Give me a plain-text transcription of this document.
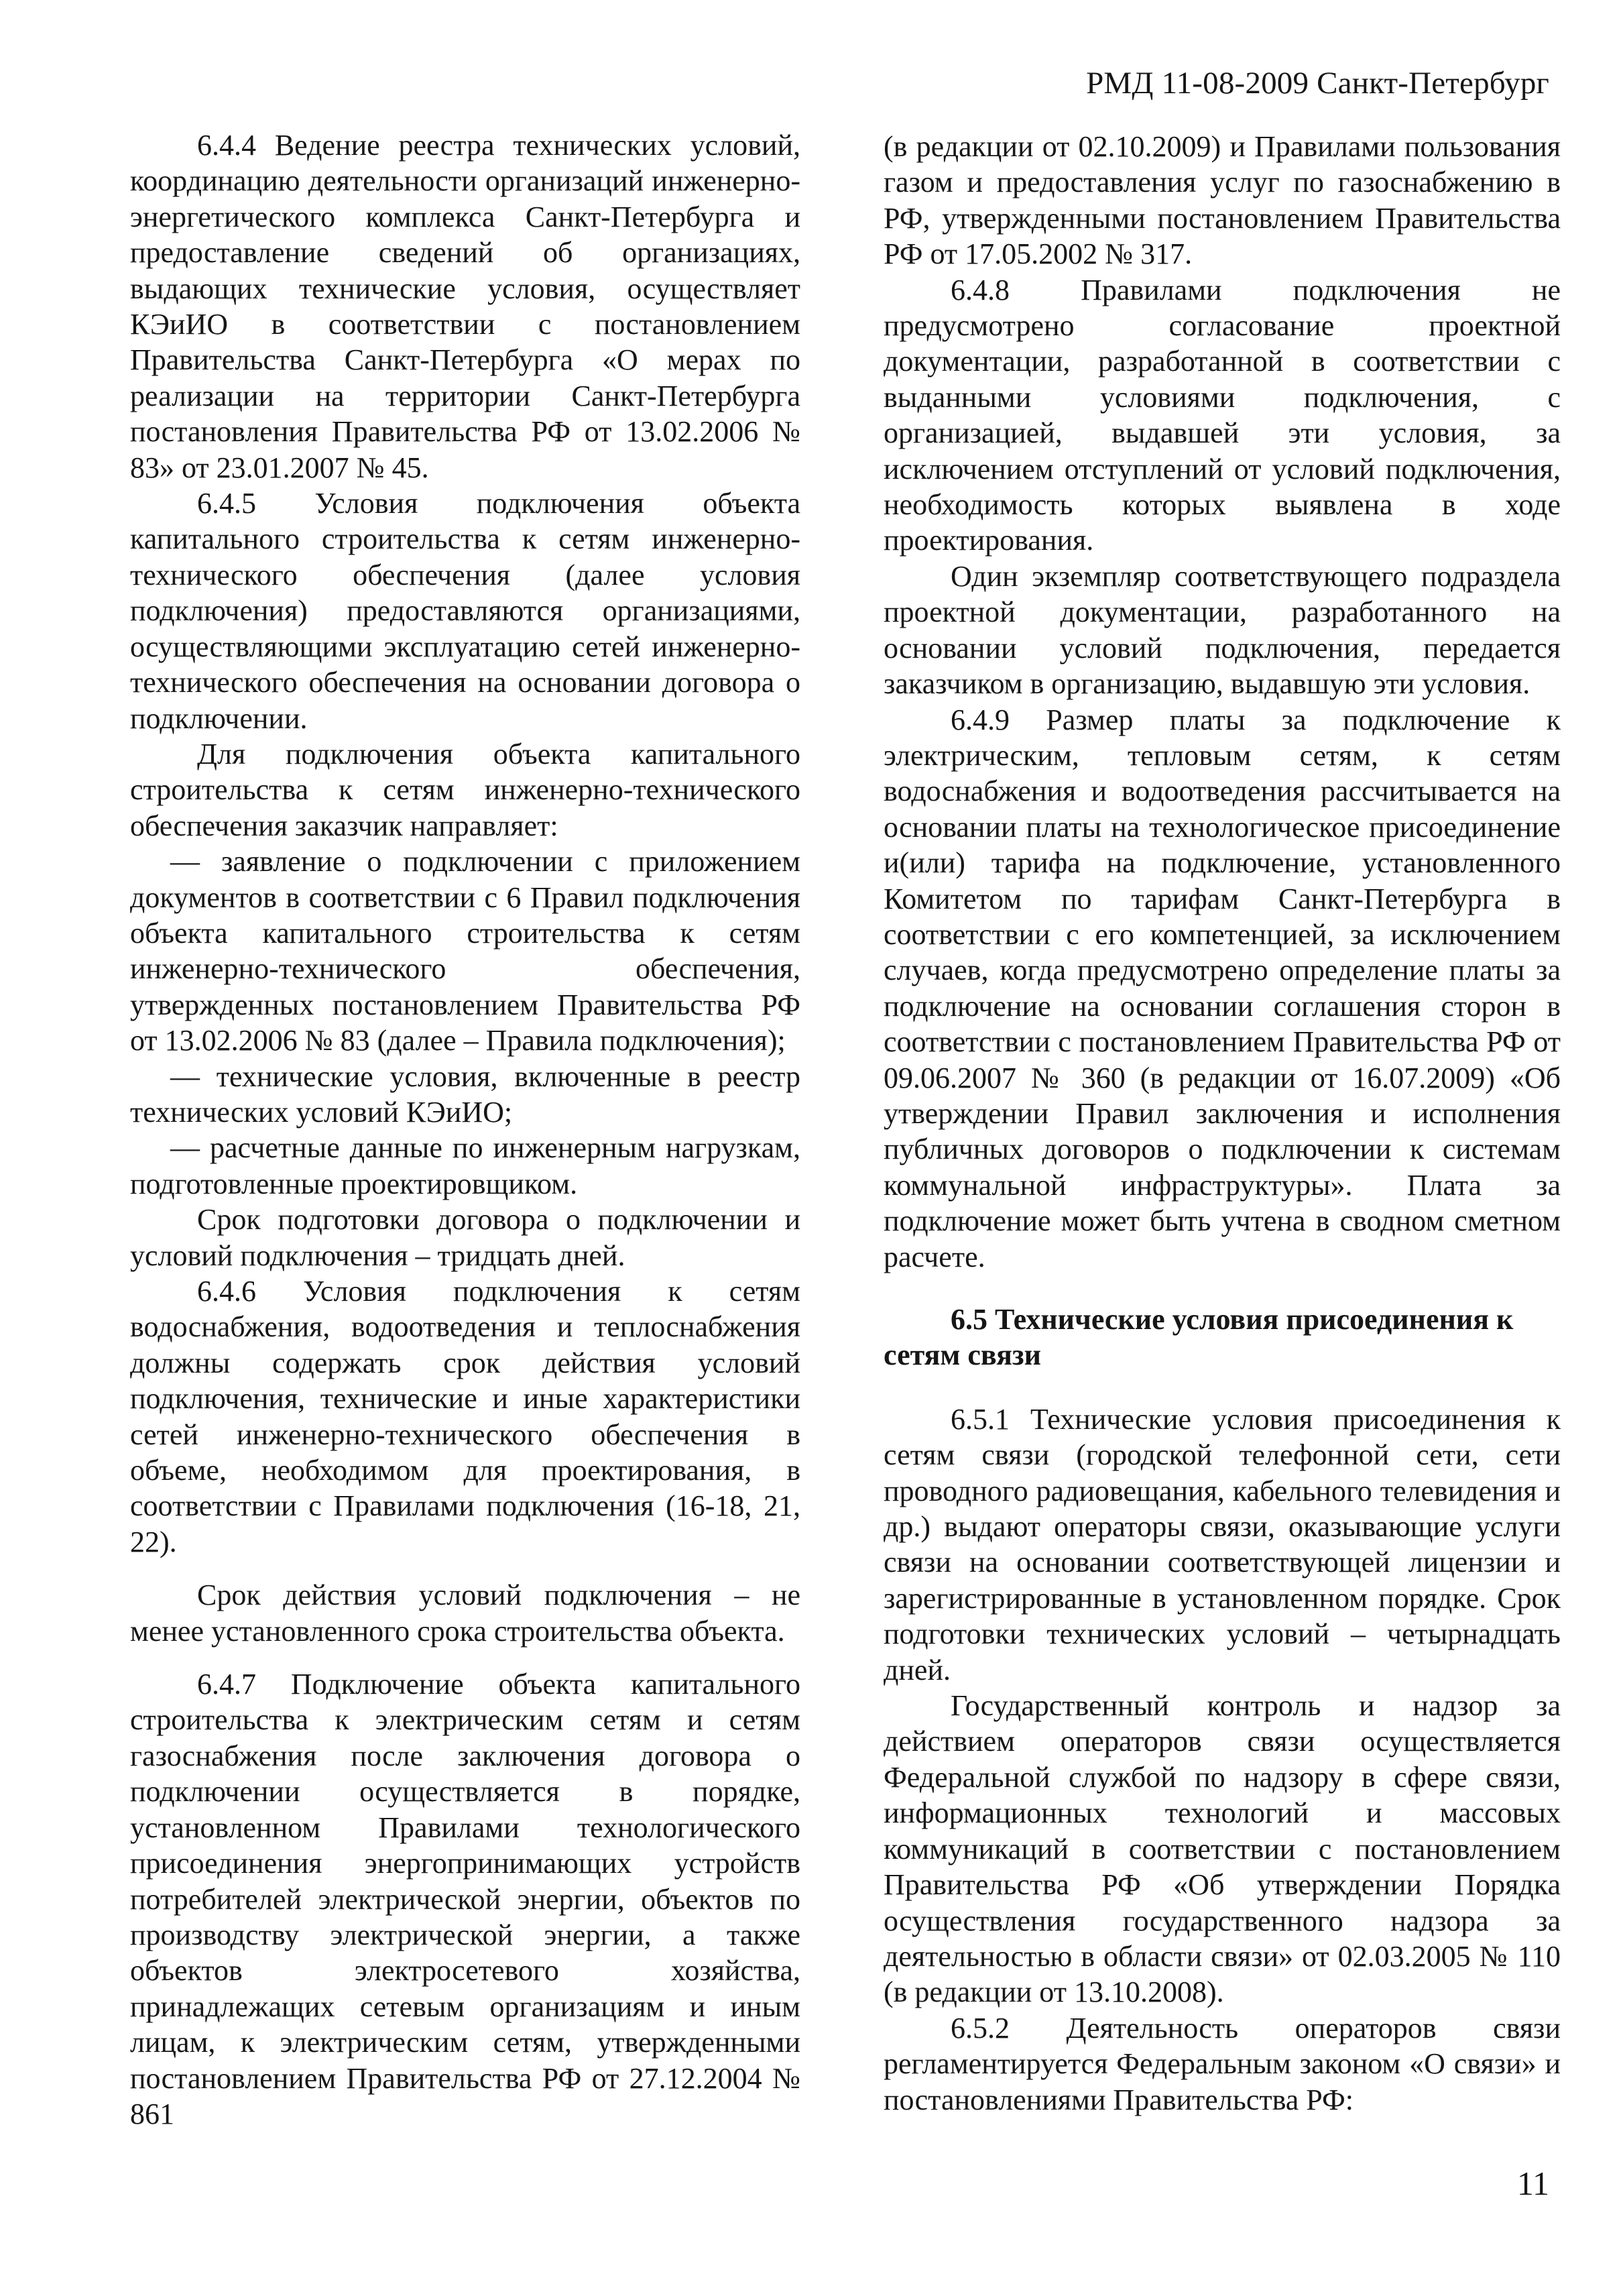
РМД 11-08-2009 Санкт-Петербург

6.4.4 Ведение реестра технических условий, координацию деятельности организаций инженерно-энергетического комплекса Санкт-Петербурга и предоставление сведений об организациях, выдающих технические условия, осуществляет КЭиИО в соответствии с постановлением Правительства Санкт-Петербурга «О мерах по реализации на территории Санкт-Петербурга постановления Правительства РФ от 13.02.2006 № 83» от 23.01.2007 № 45.

6.4.5 Условия подключения объекта капитального строительства к сетям инженерно-технического обеспечения (далее условия подключения) предоставляются организациями, осуществляющими эксплуатацию сетей инженерно-технического обеспечения на основании договора о подключении.

Для подключения объекта капитального строительства к сетям инженерно-технического обеспечения заказчик направляет:

— заявление о подключении с приложением документов в соответствии с 6 Правил подключения объекта капитального строительства к сетям инженерно-технического обеспечения, утвержденных постановлением Правительства РФ от 13.02.2006 № 83 (далее – Правила подключения);

— технические условия, включенные в реестр технических условий КЭиИО;

— расчетные данные по инженерным нагрузкам, подготовленные проектировщиком.

Срок подготовки договора о подключении и условий подключения – тридцать дней.

6.4.6 Условия подключения к сетям водоснабжения, водоотведения и теплоснабжения должны содержать срок действия условий подключения, технические и иные характеристики сетей инженерно-технического обеспечения в объеме, необходимом для проектирования, в соответствии с Правилами подключения (16-18, 21, 22).

Срок действия условий подключения – не менее установленного срока строительства объекта.

6.4.7 Подключение объекта капитального строительства к электрическим сетям и сетям газоснабжения после заключения договора о подключении осуществляется в порядке, установленном Правилами технологического присоединения энергопринимающих устройств потребителей электрической энергии, объектов по производству электрической энергии, а также объектов электросетевого хозяйства, принадлежащих сетевым организациям и иным лицам, к электрическим сетям, утвержденными постановлением Правительства РФ от 27.12.2004 № 861

(в редакции от 02.10.2009) и Правилами пользования газом и предоставления услуг по газоснабжению в РФ, утвержденными постановлением Правительства РФ от 17.05.2002 № 317.

6.4.8 Правилами подключения не предусмотрено согласование проектной документации, разработанной в соответствии с выданными условиями подключения, с организацией, выдавшей эти условия, за исключением отступлений от условий подключения, необходимость которых выявлена в ходе проектирования.

Один экземпляр соответствующего подраздела проектной документации, разработанного на основании условий подключения, передается заказчиком в организацию, выдавшую эти условия.

6.4.9 Размер платы за подключение к электрическим, тепловым сетям, к сетям водоснабжения и водоотведения рассчитывается на основании платы на технологическое присоединение и(или) тарифа на подключение, установленного Комитетом по тарифам Санкт-Петербурга в соответствии с его компетенцией, за исключением случаев, когда предусмотрено определение платы за подключение на основании соглашения сторон в соответствии с постановлением Правительства РФ от 09.06.2007 № 360 (в редакции от 16.07.2009) «Об утверждении Правил заключения и исполнения публичных договоров о подключении к системам коммунальной инфраструктуры». Плата за подключение может быть учтена в сводном сметном расчете.

6.5 Технические условия присоединения к сетям связи

6.5.1 Технические условия присоединения к сетям связи (городской телефонной сети, сети проводного радиовещания, кабельного телевидения и др.) выдают операторы связи, оказывающие услуги связи на основании соответствующей лицензии и зарегистрированные в установленном порядке. Срок подготовки технических условий – четырнадцать дней.

Государственный контроль и надзор за действием операторов связи осуществляется Федеральной службой по надзору в сфере связи, информационных технологий и массовых коммуникаций в соответствии с постановлением Правительства РФ «Об утверждении Порядка осуществления государственного надзора за деятельностью в области связи» от 02.03.2005 № 110 (в редакции от 13.10.2008).

6.5.2 Деятельность операторов связи регламентируется Федеральным законом «О связи» и постановлениями Правительства РФ:

11
